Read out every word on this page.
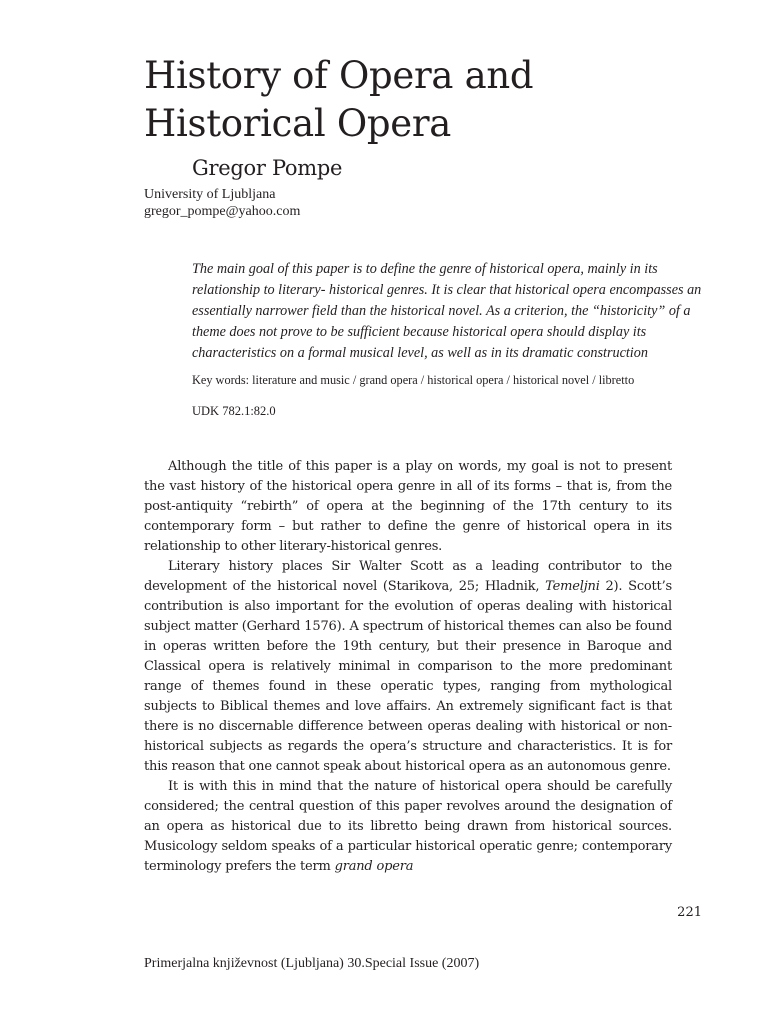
History of Opera and Historical Opera
Gregor Pompe
University of Ljubljana
gregor_pompe@yahoo.com

The main goal of this paper is to define the genre of historical opera, mainly in its relationship to literary- historical genres. It is clear that historical opera encompasses an essentially narrower field than the historical novel. As a criterion, the “historicity” of a theme does not prove to be sufficient because historical opera should display its characteristics on a formal musical level, as well as in its dramatic construction

Key words: literature and music / grand opera / historical opera / historical novel / libretto
UDK 782.1:82.0

Although the title of this paper is a play on words, my goal is not to present the vast history of the historical opera genre in all of its forms – that is, from the post-antiquity “rebirth” of opera at the beginning of the 17th century to its contemporary form – but rather to define the genre of historical opera in its relationship to other literary-historical genres.

Literary history places Sir Walter Scott as a leading contributor to the development of the historical novel (Starikova, 25; Hladnik, Temeljni 2). Scott’s contribution is also important for the evolution of operas dealing with historical subject matter (Gerhard 1576). A spectrum of historical themes can also be found in operas written before the 19th century, but their presence in Baroque and Classical opera is relatively minimal in comparison to the more predominant range of themes found in these operatic types, ranging from mythological subjects to Biblical themes and love affairs. An extremely significant fact is that there is no discernable difference between operas dealing with historical or non-historical subjects as regards the opera’s structure and characteristics. It is for this reason that one cannot speak about historical opera as an autonomous genre.

It is with this in mind that the nature of historical opera should be carefully considered; the central question of this paper revolves around the designation of an opera as historical due to its libretto being drawn from historical sources. Musicology seldom speaks of a particular historical operatic genre; contemporary terminology prefers the term grand opera

221
Primerjalna književnost (Ljubljana) 30.Special Issue (2007)
